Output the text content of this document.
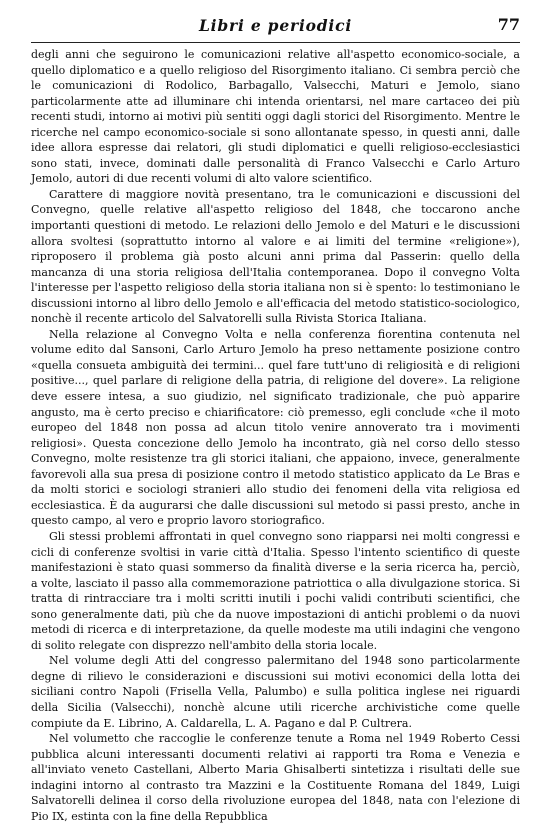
Libri e periodici	77

degli anni che seguirono le comunicazioni relative all'aspetto economico-sociale, a quello diplomatico e a quello religioso del Risorgimento italiano. Ci sembra perciò che le comunicazioni di Rodolico, Barbagallo, Valsecchi, Maturi e Jemolo, siano particolarmente atte ad illuminare chi intenda orientarsi, nel mare cartaceo dei più recenti studi, intorno ai motivi più sentiti oggi dagli storici del Risorgimento. Mentre le ricerche nel campo economico-sociale si sono allontanate spesso, in questi anni, dalle idee allora espresse dai relatori, gli studi diplomatici e quelli religioso-ecclesiastici sono stati, invece, dominati dalle personalità di Franco Valsecchi e Carlo Arturo Jemolo, autori di due recenti volumi di alto valore scientifico.

Carattere di maggiore novità presentano, tra le comunicazioni e discussioni del Convegno, quelle relative all'aspetto religioso del 1848, che toccarono anche importanti questioni di metodo. Le relazioni dello Jemolo e del Maturi e le discussioni allora svoltesi (soprattutto intorno al valore e ai limiti del termine «religione»), riproposero il problema già posto alcuni anni prima dal Passerin: quello della mancanza di una storia religiosa dell'Italia contemporanea. Dopo il convegno Volta l'interesse per l'aspetto religioso della storia italiana non si è spento: lo testimoniano le discussioni intorno al libro dello Jemolo e all'efficacia del metodo statistico-sociologico, nonchè il recente articolo del Salvatorelli sulla Rivista Storica Italiana.

Nella relazione al Convegno Volta e nella conferenza fiorentina contenuta nel volume edito dal Sansoni, Carlo Arturo Jemolo ha preso nettamente posizione contro «quella consueta ambiguità dei termini... quel fare tutt'uno di religiosità e di religioni positive..., quel parlare di religione della patria, di religione del dovere». La religione deve essere intesa, a suo giudizio, nel significato tradizionale, che può apparire angusto, ma è certo preciso e chiarificatore: ciò premesso, egli conclude «che il moto europeo del 1848 non possa ad alcun titolo venire annoverato tra i movimenti religiosi». Questa concezione dello Jemolo ha incontrato, già nel corso dello stesso Convegno, molte resistenze tra gli storici italiani, che appaiono, invece, generalmente favorevoli alla sua presa di posizione contro il metodo statistico applicato da Le Bras e da molti storici e sociologi stranieri allo studio dei fenomeni della vita religiosa ed ecclesiastica. È da augurarsi che dalle discussioni sul metodo si passi presto, anche in questo campo, al vero e proprio lavoro storiografico.

Gli stessi problemi affrontati in quel convegno sono riapparsi nei molti congressi e cicli di conferenze svoltisi in varie città d'Italia. Spesso l'intento scientifico di queste manifestazioni è stato quasi sommerso da finalità diverse e la seria ricerca ha, perciò, a volte, lasciato il passo alla commemorazione patriottica o alla divulgazione storica. Si tratta di rintracciare tra i molti scritti inutili i pochi validi contributi scientifici, che sono generalmente dati, più che da nuove impostazioni di antichi problemi o da nuovi metodi di ricerca e di interpretazione, da quelle modeste ma utili indagini che vengono di solito relegate con disprezzo nell'ambito della storia locale.

Nel volume degli Atti del congresso palermitano del 1948 sono particolarmente degne di rilievo le considerazioni e discussioni sui motivi economici della lotta dei siciliani contro Napoli (Frisella Vella, Palumbo) e sulla politica inglese nei riguardi della Sicilia (Valsecchi), nonchè alcune utili ricerche archivistiche come quelle compiute da E. Librino, A. Caldarella, L. A. Pagano e dal P. Cultrera.

Nel volumetto che raccoglie le conferenze tenute a Roma nel 1949 Roberto Cessi pubblica alcuni interessanti documenti relativi ai rapporti tra Roma e Venezia e all'inviato veneto Castellani, Alberto Maria Ghisalberti sintetizza i risultati delle sue indagini intorno al contrasto tra Mazzini e la Costituente Romana del 1849, Luigi Salvatorelli delinea il corso della rivoluzione europea del 1848, nata con l'elezione di Pio IX, estinta con la fine della Repubblica
